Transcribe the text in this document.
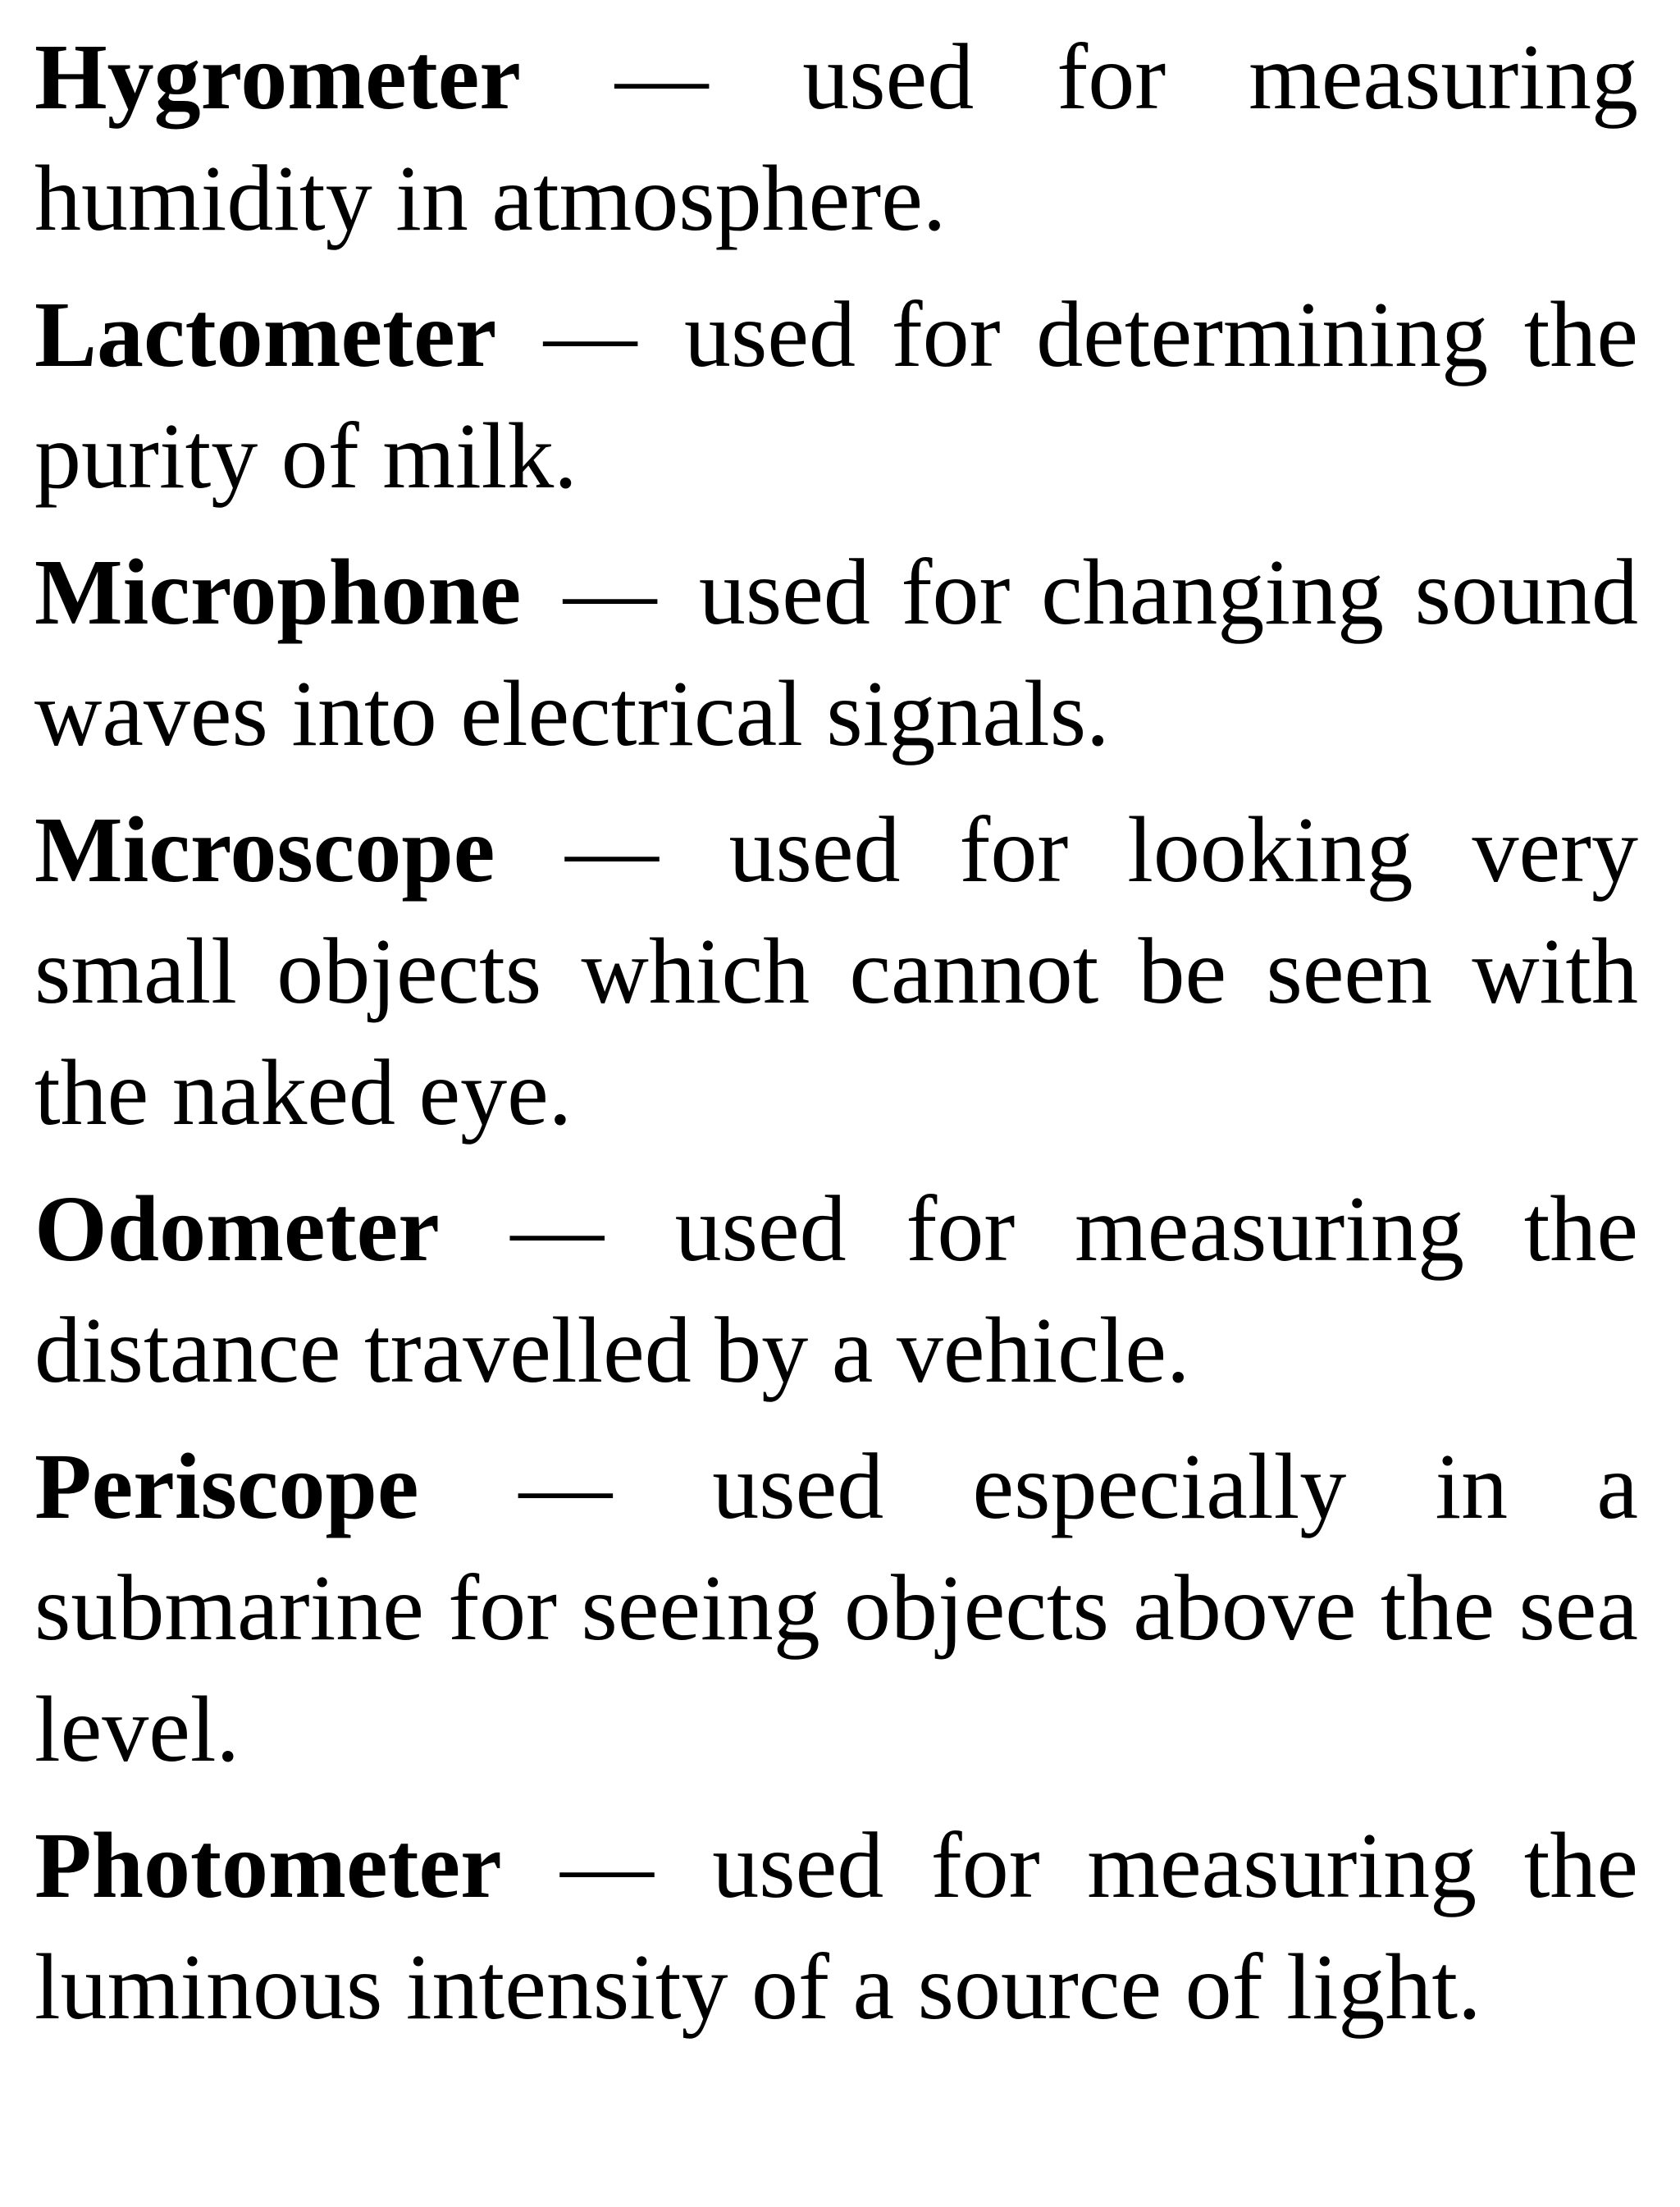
Hygrometer — used for measuring humidity in atmosphere.

Lactometer — used for determining the purity of milk.

Microphone — used for changing sound waves into electrical signals.

Microscope — used for looking very small objects which cannot be seen with the naked eye.

Odometer — used for measuring the distance travelled by a vehicle.

Periscope — used especially in a submarine for seeing objects above the sea level.

Photometer — used for measuring the luminous intensity of a source of light.
